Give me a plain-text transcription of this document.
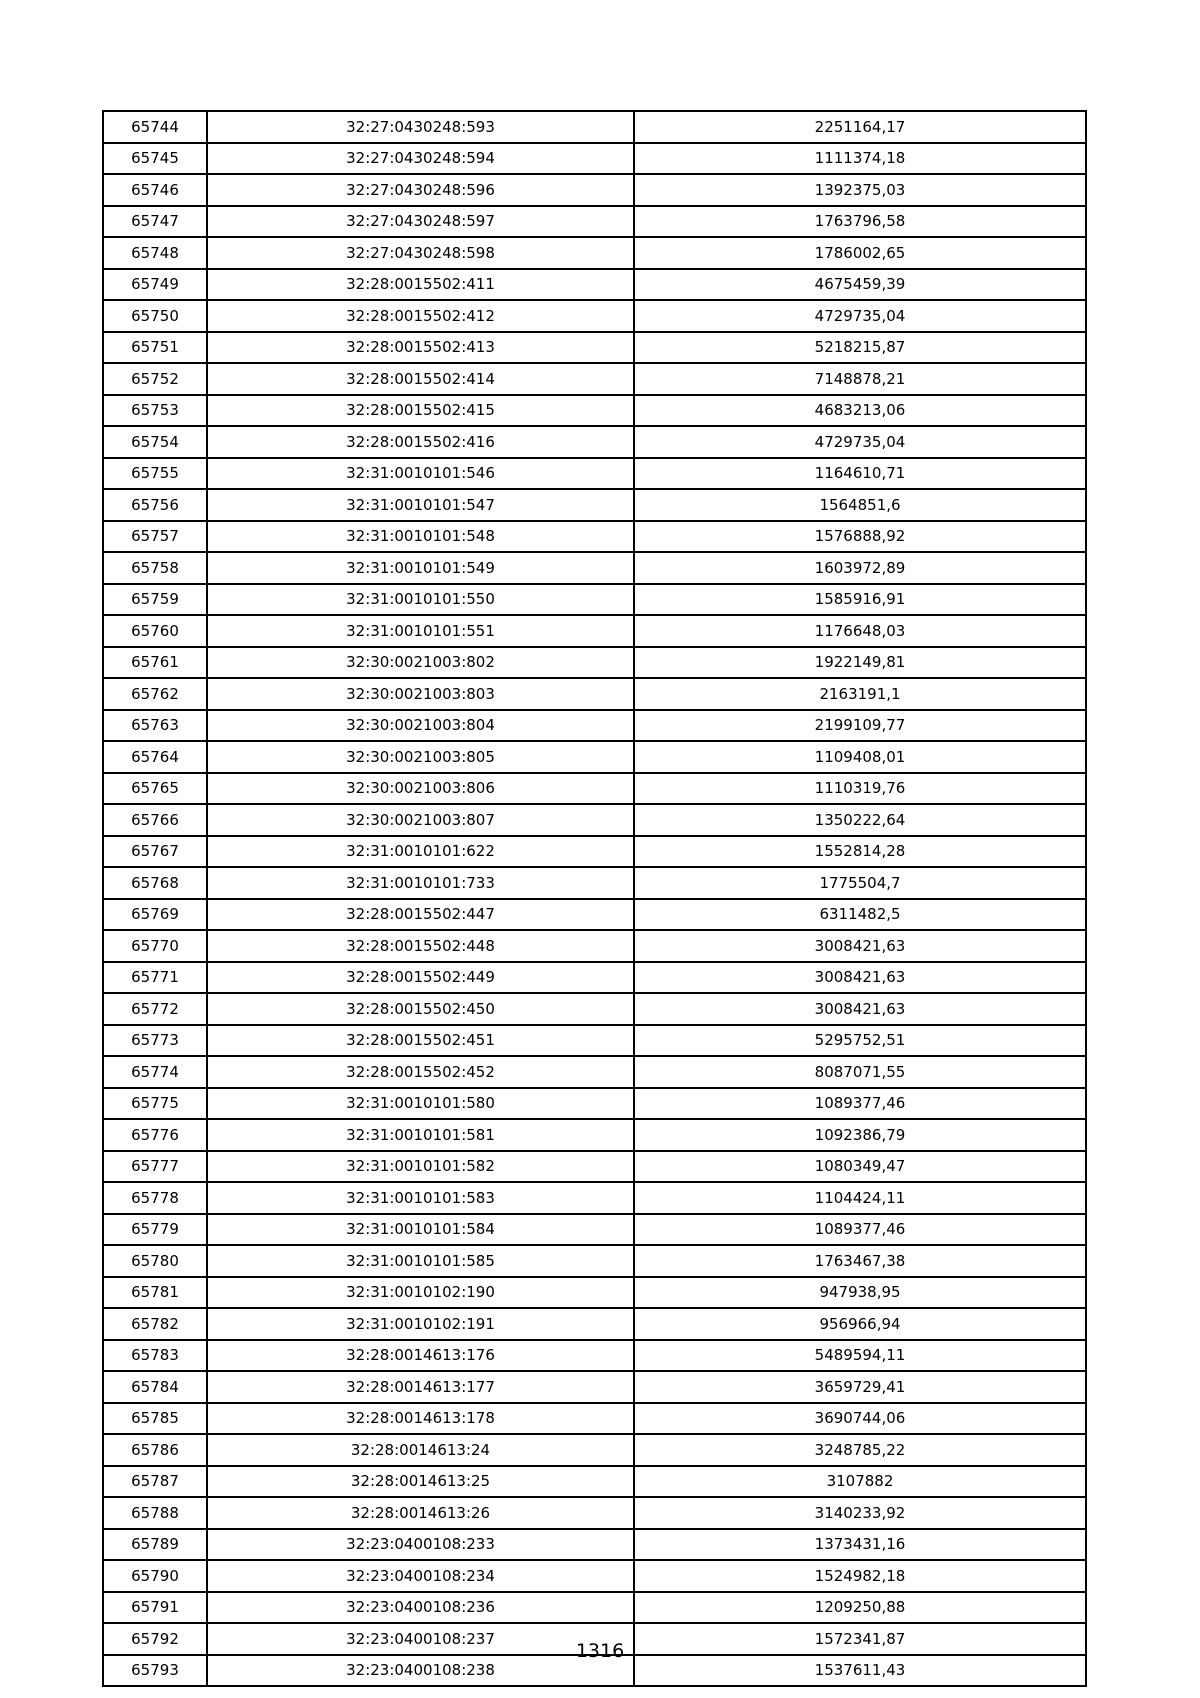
65744	32:27:0430248:593	2251164,17
65745	32:27:0430248:594	1111374,18
65746	32:27:0430248:596	1392375,03
65747	32:27:0430248:597	1763796,58
65748	32:27:0430248:598	1786002,65
65749	32:28:0015502:411	4675459,39
65750	32:28:0015502:412	4729735,04
65751	32:28:0015502:413	5218215,87
65752	32:28:0015502:414	7148878,21
65753	32:28:0015502:415	4683213,06
65754	32:28:0015502:416	4729735,04
65755	32:31:0010101:546	1164610,71
65756	32:31:0010101:547	1564851,6
65757	32:31:0010101:548	1576888,92
65758	32:31:0010101:549	1603972,89
65759	32:31:0010101:550	1585916,91
65760	32:31:0010101:551	1176648,03
65761	32:30:0021003:802	1922149,81
65762	32:30:0021003:803	2163191,1
65763	32:30:0021003:804	2199109,77
65764	32:30:0021003:805	1109408,01
65765	32:30:0021003:806	1110319,76
65766	32:30:0021003:807	1350222,64
65767	32:31:0010101:622	1552814,28
65768	32:31:0010101:733	1775504,7
65769	32:28:0015502:447	6311482,5
65770	32:28:0015502:448	3008421,63
65771	32:28:0015502:449	3008421,63
65772	32:28:0015502:450	3008421,63
65773	32:28:0015502:451	5295752,51
65774	32:28:0015502:452	8087071,55
65775	32:31:0010101:580	1089377,46
65776	32:31:0010101:581	1092386,79
65777	32:31:0010101:582	1080349,47
65778	32:31:0010101:583	1104424,11
65779	32:31:0010101:584	1089377,46
65780	32:31:0010101:585	1763467,38
65781	32:31:0010102:190	947938,95
65782	32:31:0010102:191	956966,94
65783	32:28:0014613:176	5489594,11
65784	32:28:0014613:177	3659729,41
65785	32:28:0014613:178	3690744,06
65786	32:28:0014613:24	3248785,22
65787	32:28:0014613:25	3107882
65788	32:28:0014613:26	3140233,92
65789	32:23:0400108:233	1373431,16
65790	32:23:0400108:234	1524982,18
65791	32:23:0400108:236	1209250,88
65792	32:23:0400108:237	1572341,87
65793	32:23:0400108:238	1537611,43
1316
